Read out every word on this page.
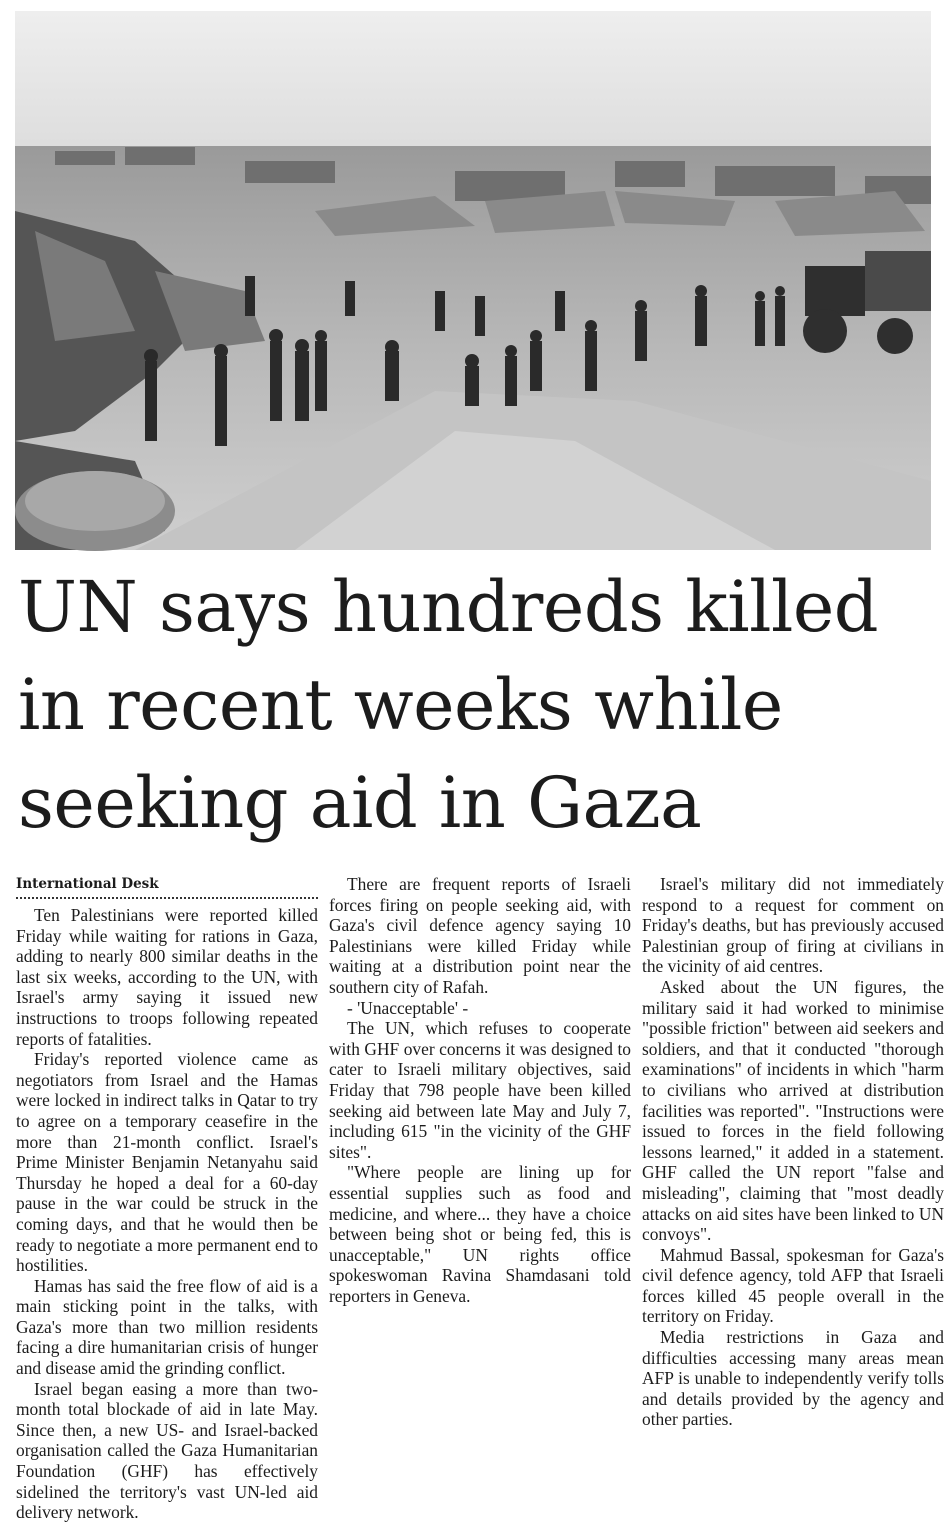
UN says hundreds killed in recent weeks while seeking aid in Gaza

International Desk

Ten Palestinians were reported killed Friday while waiting for rations in Gaza, adding to nearly 800 similar deaths in the last six weeks, according to the UN, with Israel's army saying it issued new instructions to troops following repeated reports of fatalities.

Friday's reported violence came as negotiators from Israel and the Hamas were locked in indirect talks in Qatar to try to agree on a temporary ceasefire in the more than 21-month conflict. Israel's Prime Minister Benjamin Netanyahu said Thursday he hoped a deal for a 60-day pause in the war could be struck in the coming days, and that he would then be ready to negotiate a more permanent end to hostilities.

Hamas has said the free flow of aid is a main sticking point in the talks, with Gaza's more than two million residents facing a dire humanitarian crisis of hunger and disease amid the grinding conflict.

Israel began easing a more than two-month total blockade of aid in late May. Since then, a new US- and Israel-backed organisation called the Gaza Humanitarian Foundation (GHF) has effectively sidelined the territory's vast UN-led aid delivery network.

There are frequent reports of Israeli forces firing on people seeking aid, with Gaza's civil defence agency saying 10 Palestinians were killed Friday while waiting at a distribution point near the southern city of Rafah.

- 'Unacceptable' -

The UN, which refuses to cooperate with GHF over concerns it was designed to cater to Israeli military objectives, said Friday that 798 people have been killed seeking aid between late May and July 7, including 615 "in the vicinity of the GHF sites".

"Where people are lining up for essential supplies such as food and medicine, and where... they have a choice between being shot or being fed, this is unacceptable," UN rights office spokeswoman Ravina Shamdasani told reporters in Geneva.

Israel's military did not immediately respond to a request for comment on Friday's deaths, but has previously accused Palestinian group of firing at civilians in the vicinity of aid centres.

Asked about the UN figures, the military said it had worked to minimise "possible friction" between aid seekers and soldiers, and that it conducted "thorough examinations" of incidents in which "harm to civilians who arrived at distribution facilities was reported". "Instructions were issued to forces in the field following lessons learned," it added in a statement. GHF called the UN report "false and misleading", claiming that "most deadly attacks on aid sites have been linked to UN convoys".

Mahmud Bassal, spokesman for Gaza's civil defence agency, told AFP that Israeli forces killed 45 people overall in the territory on Friday.

Media restrictions in Gaza and difficulties accessing many areas mean AFP is unable to independently verify tolls and details provided by the agency and other parties.
